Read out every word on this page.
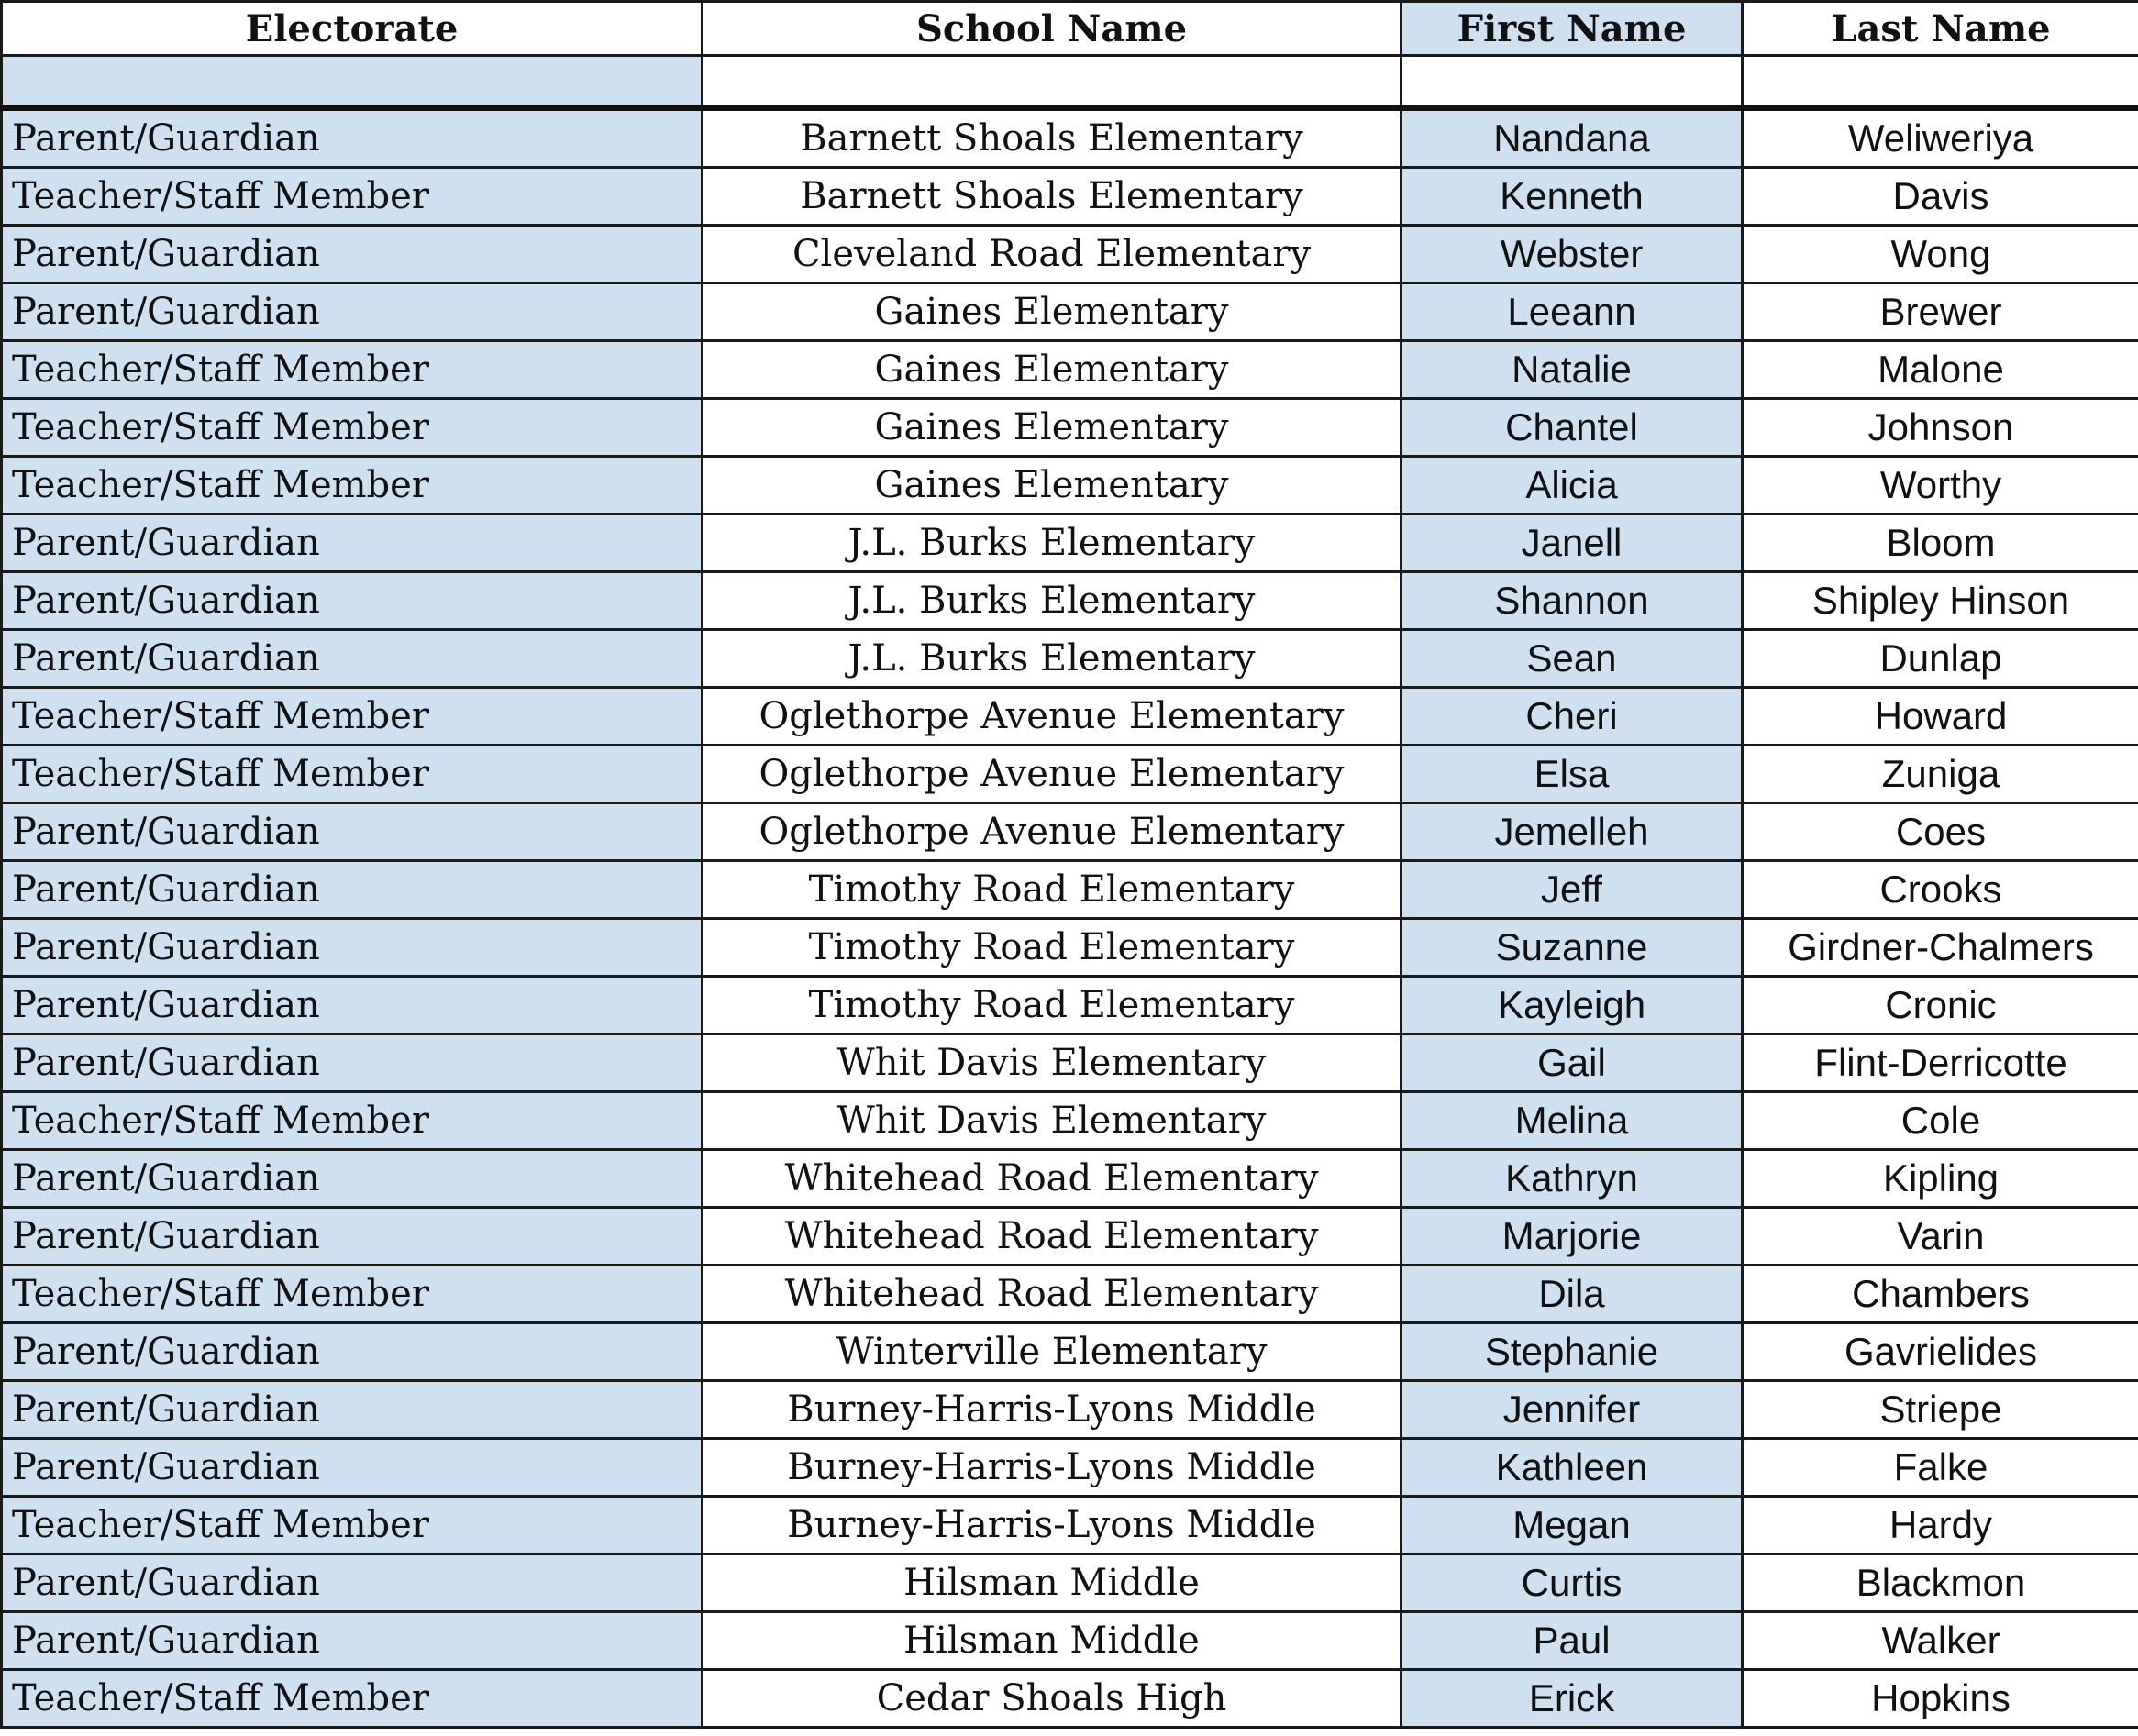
Electorate	School Name	First Name	Last Name

Parent/Guardian	Barnett Shoals Elementary	Nandana	Weliweriya
Teacher/Staff Member	Barnett Shoals Elementary	Kenneth	Davis
Parent/Guardian	Cleveland Road Elementary	Webster	Wong
Parent/Guardian	Gaines Elementary	Leeann	Brewer
Teacher/Staff Member	Gaines Elementary	Natalie	Malone
Teacher/Staff Member	Gaines Elementary	Chantel	Johnson
Teacher/Staff Member	Gaines Elementary	Alicia	Worthy
Parent/Guardian	J.L. Burks Elementary	Janell	Bloom
Parent/Guardian	J.L. Burks Elementary	Shannon	Shipley Hinson
Parent/Guardian	J.L. Burks Elementary	Sean	Dunlap
Teacher/Staff Member	Oglethorpe Avenue Elementary	Cheri	Howard
Teacher/Staff Member	Oglethorpe Avenue Elementary	Elsa	Zuniga
Parent/Guardian	Oglethorpe Avenue Elementary	Jemelleh	Coes
Parent/Guardian	Timothy Road Elementary	Jeff	Crooks
Parent/Guardian	Timothy Road Elementary	Suzanne	Girdner-Chalmers
Parent/Guardian	Timothy Road Elementary	Kayleigh	Cronic
Parent/Guardian	Whit Davis Elementary	Gail	Flint-Derricotte
Teacher/Staff Member	Whit Davis Elementary	Melina	Cole
Parent/Guardian	Whitehead Road Elementary	Kathryn	Kipling
Parent/Guardian	Whitehead Road Elementary	Marjorie	Varin
Teacher/Staff Member	Whitehead Road Elementary	Dila	Chambers
Parent/Guardian	Winterville Elementary	Stephanie	Gavrielides
Parent/Guardian	Burney-Harris-Lyons Middle	Jennifer	Striepe
Parent/Guardian	Burney-Harris-Lyons Middle	Kathleen	Falke
Teacher/Staff Member	Burney-Harris-Lyons Middle	Megan	Hardy
Parent/Guardian	Hilsman Middle	Curtis	Blackmon
Parent/Guardian	Hilsman Middle	Paul	Walker
Teacher/Staff Member	Cedar Shoals High	Erick	Hopkins
